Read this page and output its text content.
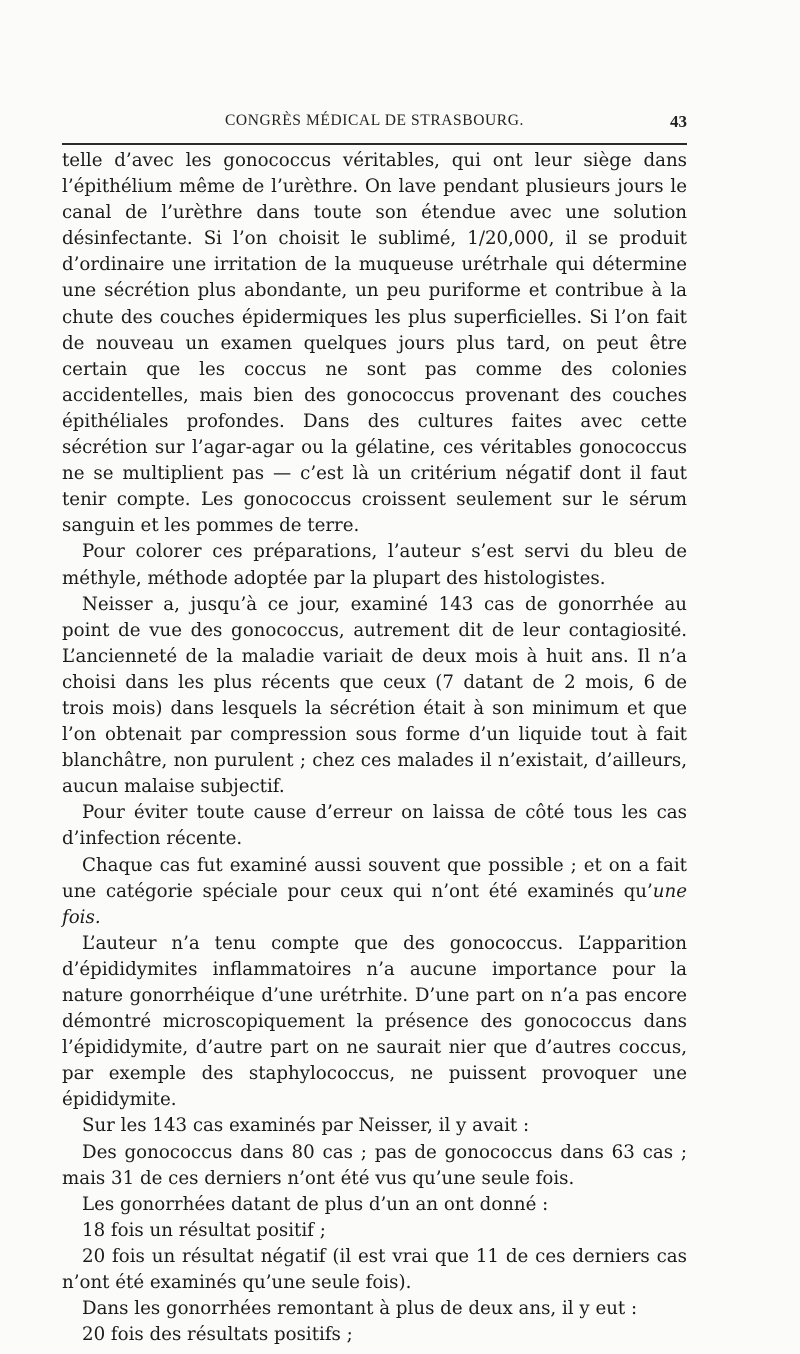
CONGRÈS MÉDICAL DE STRASBOURG.	43

telle d’avec les gonococcus véritables, qui ont leur siège dans l’épithélium même de l’urèthre. On lave pendant plusieurs jours le canal de l’urèthre dans toute son étendue avec une solution désinfectante. Si l’on choisit le sublimé, 1/20,000, il se produit d’ordinaire une irritation de la muqueuse urétrhale qui détermine une sécrétion plus abondante, un peu puriforme et contribue à la chute des couches épidermiques les plus superficielles. Si l’on fait de nouveau un examen quelques jours plus tard, on peut être certain que les coccus ne sont pas comme des colonies accidentelles, mais bien des gonococcus provenant des couches épithéliales profondes. Dans des cultures faites avec cette sécrétion sur l’agar-agar ou la gélatine, ces véritables gonococcus ne se multiplient pas — c’est là un critérium négatif dont il faut tenir compte. Les gonococcus croissent seulement sur le sérum sanguin et les pommes de terre.

Pour colorer ces préparations, l’auteur s’est servi du bleu de méthyle, méthode adoptée par la plupart des histologistes.

Neisser a, jusqu’à ce jour, examiné 143 cas de gonorrhée au point de vue des gonococcus, autrement dit de leur contagiosité. L’ancienneté de la maladie variait de deux mois à huit ans. Il n’a choisi dans les plus récents que ceux (7 datant de 2 mois, 6 de trois mois) dans lesquels la sécrétion était à son minimum et que l’on obtenait par compression sous forme d’un liquide tout à fait blanchâtre, non purulent ; chez ces malades il n’existait, d’ailleurs, aucun malaise subjectif.

Pour éviter toute cause d’erreur on laissa de côté tous les cas d’infection récente.

Chaque cas fut examiné aussi souvent que possible ; et on a fait une catégorie spéciale pour ceux qui n’ont été examinés qu’une fois.

L’auteur n’a tenu compte que des gonococcus. L’apparition d’épididymites inflammatoires n’a aucune importance pour la nature gonorrhéique d’une urétrhite. D’une part on n’a pas encore démontré microscopiquement la présence des gonococcus dans l’épididymite, d’autre part on ne saurait nier que d’autres coccus, par exemple des staphylococcus, ne puissent provoquer une épididymite.

Sur les 143 cas examinés par Neisser, il y avait :

Des gonococcus dans 80 cas ; pas de gonococcus dans 63 cas ; mais 31 de ces derniers n’ont été vus qu’une seule fois.

Les gonorrhées datant de plus d’un an ont donné :

18 fois un résultat positif ;

20 fois un résultat négatif (il est vrai que 11 de ces derniers cas n’ont été examinés qu’une seule fois).

Dans les gonorrhées remontant à plus de deux ans, il y eut :

20 fois des résultats positifs ;
